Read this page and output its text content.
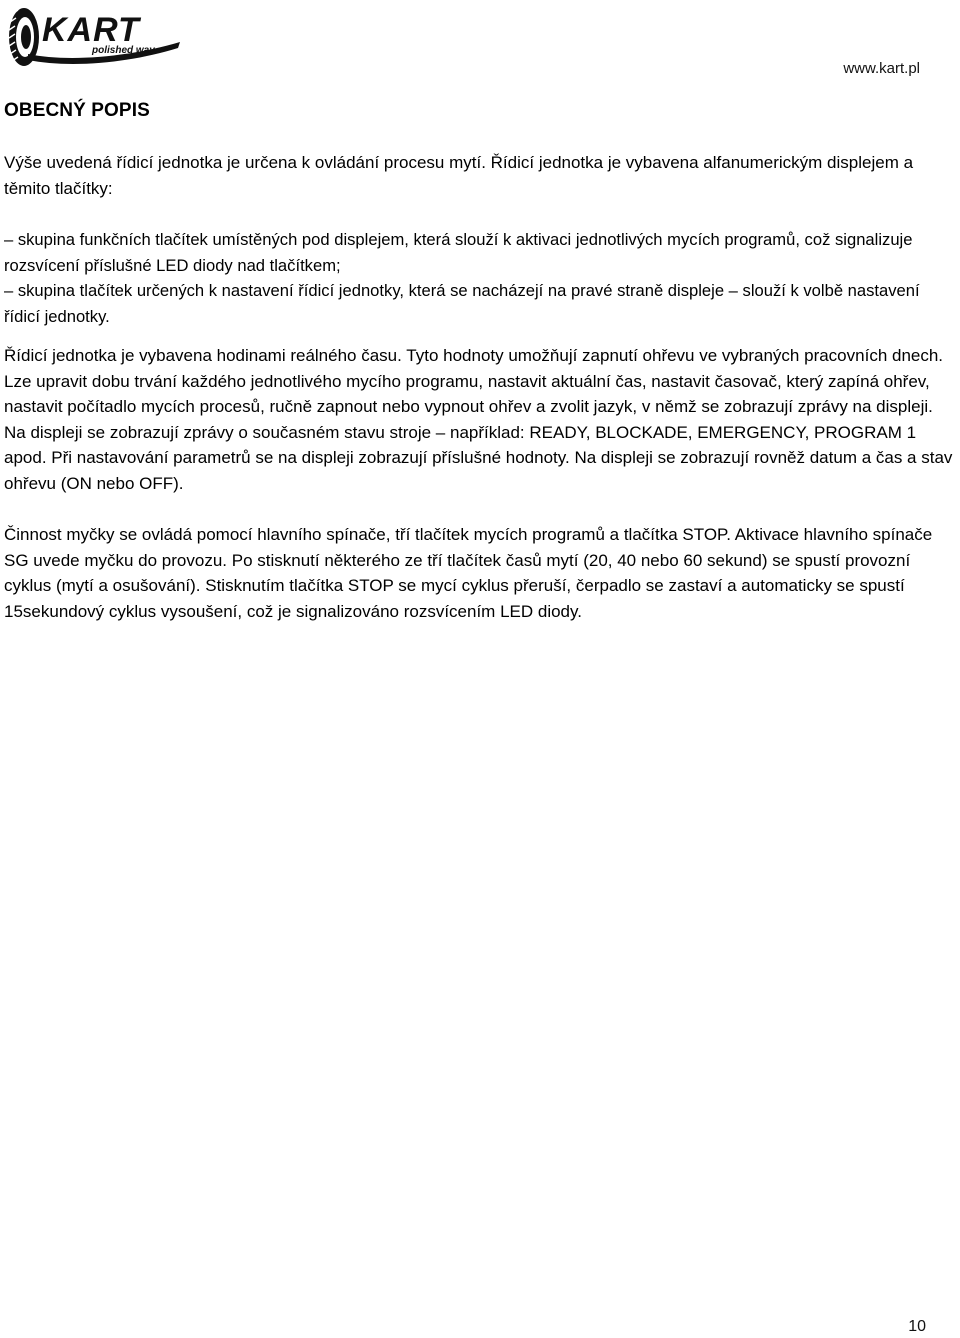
KART
polished way
www.kart.pl
OBECNÝ POPIS

Výše uvedená řídicí jednotka je určena k ovládání procesu mytí. Řídicí jednotka je vybavena alfanumerickým displejem a těmito tlačítky:

– skupina funkčních tlačítek umístěných pod displejem, která slouží k aktivaci jednotlivých mycích programů, což signalizuje rozsvícení příslušné LED diody nad tlačítkem;

– skupina tlačítek určených k nastavení řídicí jednotky, která se nacházejí na pravé straně displeje – slouží k volbě nastavení řídicí jednotky.

Řídicí jednotka je vybavena hodinami reálného času. Tyto hodnoty umožňují zapnutí ohřevu ve vybraných pracovních dnech. Lze upravit dobu trvání každého jednotlivého mycího programu, nastavit aktuální čas, nastavit časovač, který zapíná ohřev, nastavit počítadlo mycích procesů, ručně zapnout nebo vypnout ohřev a zvolit jazyk, v němž se zobrazují zprávy na displeji.

Na displeji se zobrazují zprávy o současném stavu stroje – například: READY, BLOCKADE, EMERGENCY, PROGRAM 1 apod. Při nastavování parametrů se na displeji zobrazují příslušné hodnoty. Na displeji se zobrazují rovněž datum a čas a stav ohřevu (ON nebo OFF).

Činnost myčky se ovládá pomocí hlavního spínače, tří tlačítek mycích programů a tlačítka STOP. Aktivace hlavního spínače SG uvede myčku do provozu. Po stisknutí některého ze tří tlačítek časů mytí (20, 40 nebo 60 sekund) se spustí provozní cyklus (mytí a osušování). Stisknutím tlačítka STOP se mycí cyklus přeruší, čerpadlo se zastaví a automaticky se spustí 15sekundový cyklus vysoušení, což je signalizováno rozsvícením LED diody.

10
